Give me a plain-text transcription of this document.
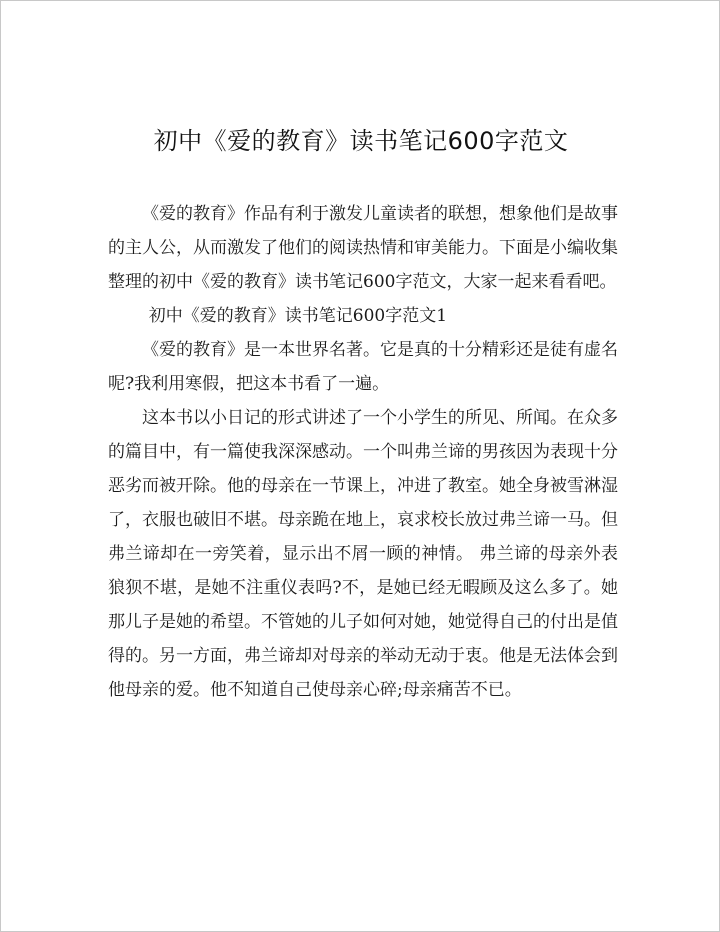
初中《爱的教育》读书笔记600字范文

《爱的教育》作品有利于激发儿童读者的联想，想象他们是故事的主人公，从而激发了他们的阅读热情和审美能力。下面是小编收集整理的初中《爱的教育》读书笔记600字范文，大家一起来看看吧。

初中《爱的教育》读书笔记600字范文1

《爱的教育》是一本世界名著。它是真的十分精彩还是徒有虚名呢?我利用寒假，把这本书看了一遍。

这本书以小日记的形式讲述了一个小学生的所见、所闻。在众多的篇目中，有一篇使我深深感动。一个叫弗兰谛的男孩因为表现十分恶劣而被开除。他的母亲在一节课上，冲进了教室。她全身被雪淋湿了，衣服也破旧不堪。母亲跪在地上，哀求校长放过弗兰谛一马。但弗兰谛却在一旁笑着，显示出不屑一顾的神情。 弗兰谛的母亲外表狼狈不堪，是她不注重仪表吗?不，是她已经无暇顾及这么多了。她那儿子是她的希望。不管她的儿子如何对她，她觉得自己的付出是值得的。另一方面，弗兰谛却对母亲的举动无动于衷。他是无法体会到他母亲的爱。他不知道自己使母亲心碎;母亲痛苦不已。
